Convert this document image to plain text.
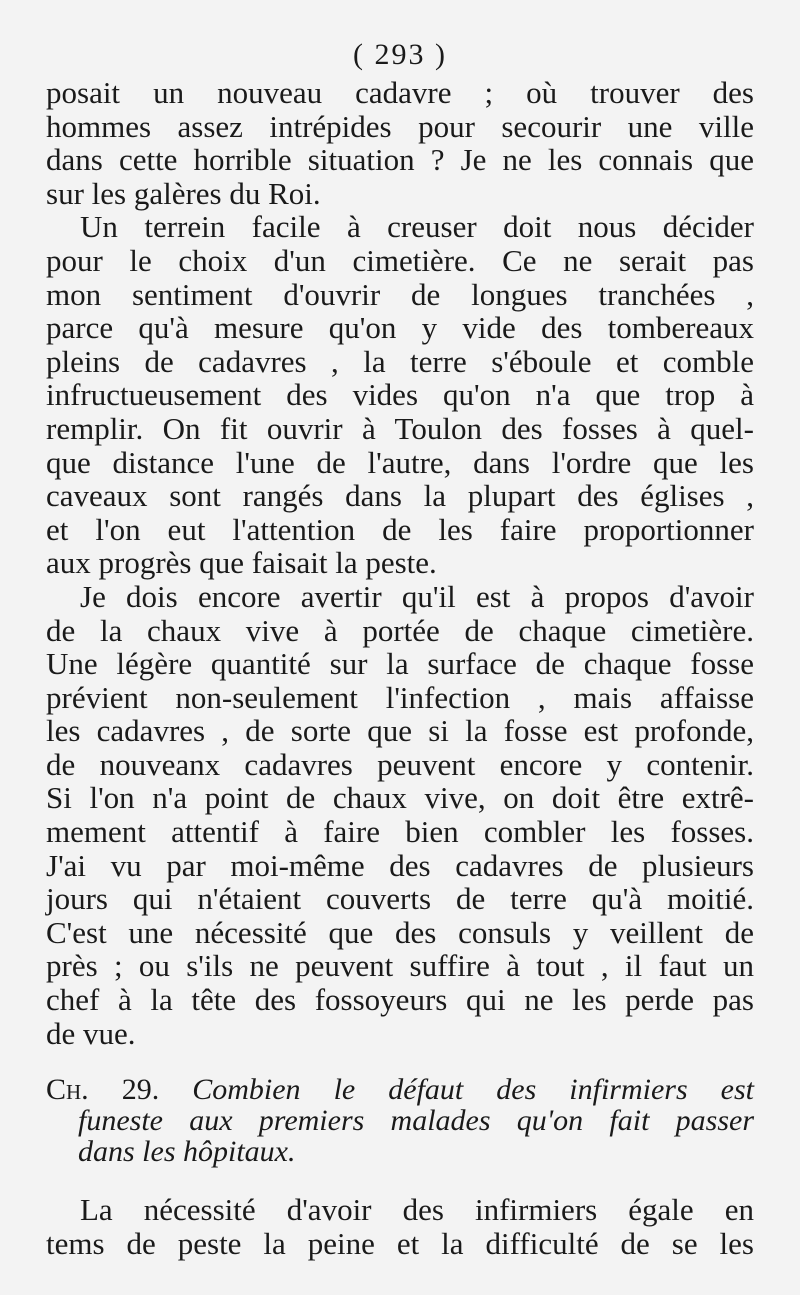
( 293 )
posait un nouveau cadavre ; où trouver des
hommes assez intrépides pour secourir une ville
dans cette horrible situation ? Je ne les connais que
sur les galères du Roi.
Un terrein facile à creuser doit nous décider
pour le choix d'un cimetière. Ce ne serait pas
mon sentiment d'ouvrir de longues tranchées ,
parce qu'à mesure qu'on y vide des tombereaux
pleins de cadavres , la terre s'éboule et comble
infructueusement des vides qu'on n'a que trop à
remplir. On fit ouvrir à Toulon des fosses à quel-
que distance l'une de l'autre, dans l'ordre que les
caveaux sont rangés dans la plupart des églises ,
et l'on eut l'attention de les faire proportionner
aux progrès que faisait la peste.
Je dois encore avertir qu'il est à propos d'avoir
de la chaux vive à portée de chaque cimetière.
Une légère quantité sur la surface de chaque fosse
prévient non-seulement l'infection , mais affaisse
les cadavres , de sorte que si la fosse est profonde,
de nouveanx cadavres peuvent encore y contenir.
Si l'on n'a point de chaux vive, on doit être extrê-
mement attentif à faire bien combler les fosses.
J'ai vu par moi-même des cadavres de plusieurs
jours qui n'étaient couverts de terre qu'à moitié.
C'est une nécessité que des consuls y veillent de
près ; ou s'ils ne peuvent suffire à tout , il faut un
chef à la tête des fossoyeurs qui ne les perde pas
de vue.
Ch. 29. Combien le défaut des infirmiers est
funeste aux premiers malades qu'on fait passer
dans les hôpitaux.
La nécessité d'avoir des infirmiers égale en
tems de peste la peine et la difficulté de se les
